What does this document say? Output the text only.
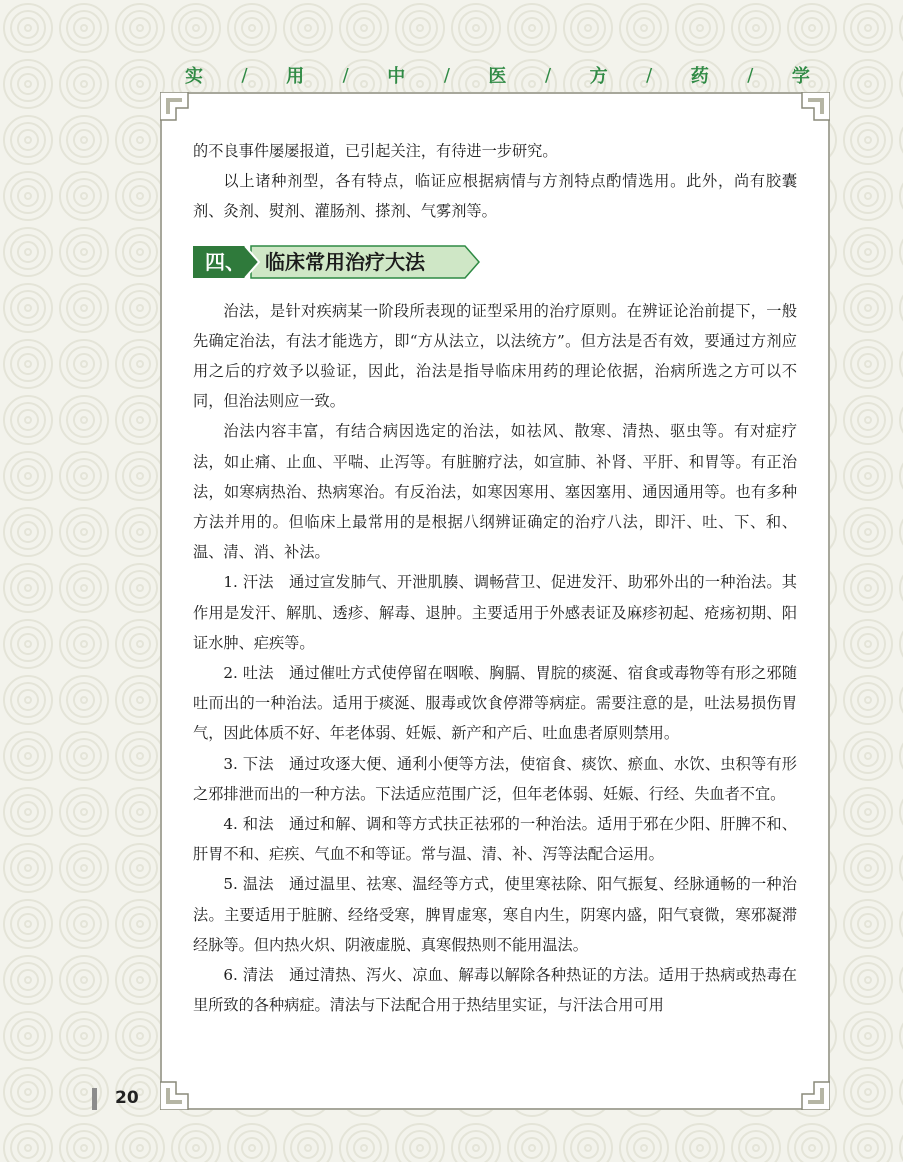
实 / 用 / 中 / 医 / 方 / 药 / 学

的不良事件屡屡报道，已引起关注，有待进一步研究。

以上诸种剂型，各有特点，临证应根据病情与方剂特点酌情选用。此外，尚有胶囊剂、灸剂、熨剂、灌肠剂、搽剂、气雾剂等。

四、 临床常用治疗大法

治法，是针对疾病某一阶段所表现的证型采用的治疗原则。在辨证论治前提下，一般先确定治法，有法才能选方，即“方从法立，以法统方”。但方法是否有效，要通过方剂应用之后的疗效予以验证，因此，治法是指导临床用药的理论依据，治病所选之方可以不同，但治法则应一致。

治法内容丰富，有结合病因选定的治法，如祛风、散寒、清热、驱虫等。有对症疗法，如止痛、止血、平喘、止泻等。有脏腑疗法，如宣肺、补肾、平肝、和胃等。有正治法，如寒病热治、热病寒治。有反治法，如寒因寒用、塞因塞用、通因通用等。也有多种方法并用的。但临床上最常用的是根据八纲辨证确定的治疗八法，即汗、吐、下、和、温、清、消、补法。

1. 汗法　通过宣发肺气、开泄肌腠、调畅营卫、促进发汗、助邪外出的一种治法。其作用是发汗、解肌、透疹、解毒、退肿。主要适用于外感表证及麻疹初起、疮疡初期、阳证水肿、疟疾等。

2. 吐法　通过催吐方式使停留在咽喉、胸膈、胃脘的痰涎、宿食或毒物等有形之邪随吐而出的一种治法。适用于痰涎、服毒或饮食停滞等病症。需要注意的是，吐法易损伤胃气，因此体质不好、年老体弱、妊娠、新产和产后、吐血患者原则禁用。

3. 下法　通过攻逐大便、通利小便等方法，使宿食、痰饮、瘀血、水饮、虫积等有形之邪排泄而出的一种方法。下法适应范围广泛，但年老体弱、妊娠、行经、失血者不宜。

4. 和法　通过和解、调和等方式扶正祛邪的一种治法。适用于邪在少阳、肝脾不和、肝胃不和、疟疾、气血不和等证。常与温、清、补、泻等法配合运用。

5. 温法　通过温里、祛寒、温经等方式，使里寒祛除、阳气振复、经脉通畅的一种治法。主要适用于脏腑、经络受寒，脾胃虚寒，寒自内生，阴寒内盛，阳气衰微，寒邪凝滞经脉等。但内热火炽、阴液虚脱、真寒假热则不能用温法。

6. 清法　通过清热、泻火、凉血、解毒以解除各种热证的方法。适用于热病或热毒在里所致的各种病症。清法与下法配合用于热结里实证，与汗法合用可用

20
